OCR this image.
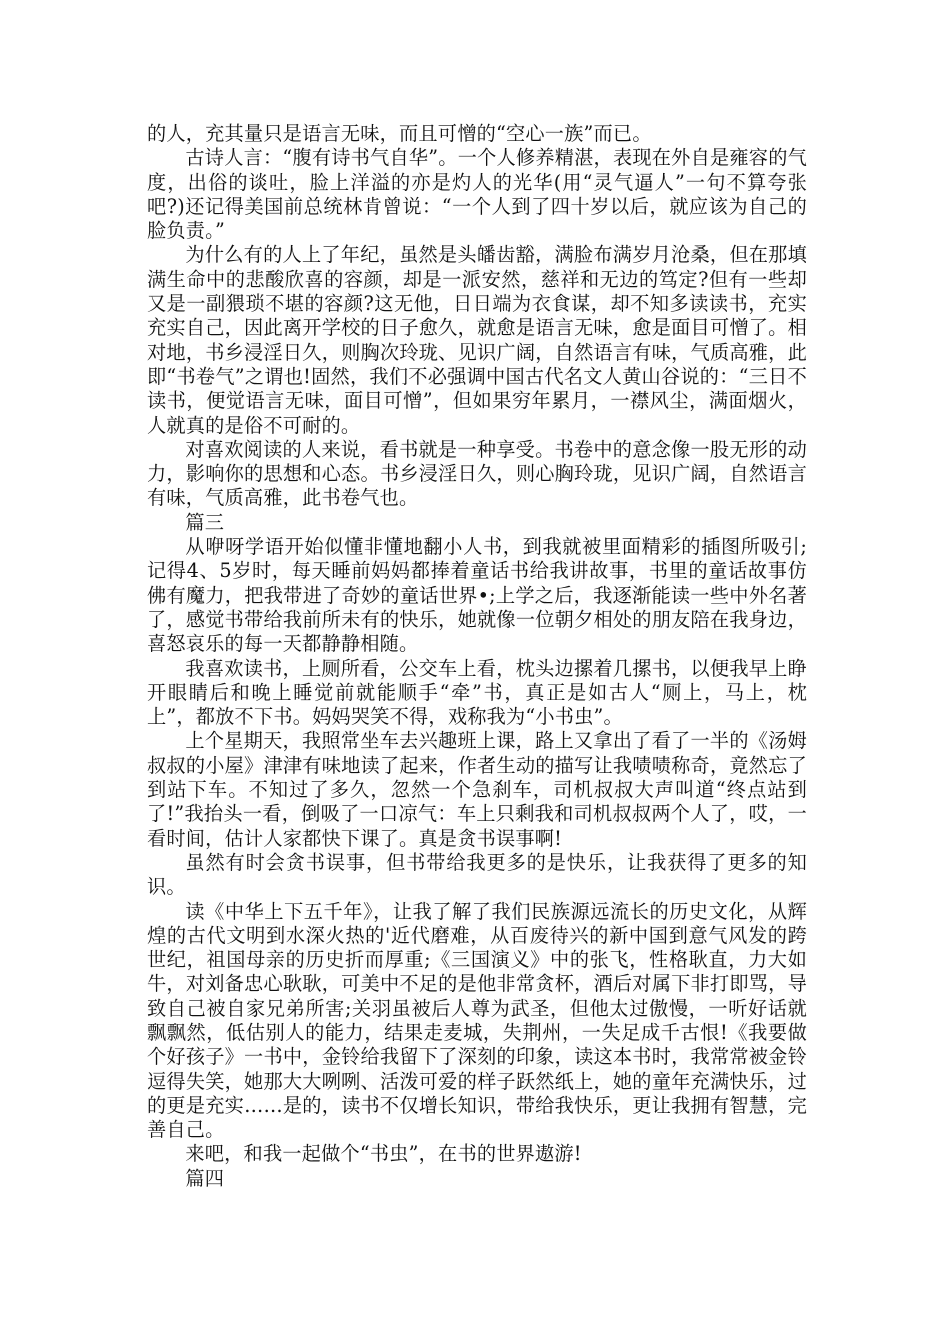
的人，充其量只是语言无味，而且可憎的“空心一族”而已。

古诗人言：“腹有诗书气自华”。一个人修养精湛，表现在外自是雍容的气度，出俗的谈吐，脸上洋溢的亦是灼人的光华(用“灵气逼人”一句不算夸张吧?)还记得美国前总统林肯曾说：“一个人到了四十岁以后，就应该为自己的脸负责。”

为什么有的人上了年纪，虽然是头皤齿豁，满脸布满岁月沧桑，但在那填满生命中的悲酸欣喜的容颜，却是一派安然，慈祥和无边的笃定?但有一些却又是一副猥琐不堪的容颜?这无他，日日端为衣食谋，却不知多读读书，充实充实自己，因此离开学校的日子愈久，就愈是语言无味，愈是面目可憎了。相对地，书乡浸淫日久，则胸次玲珑、见识广阔，自然语言有味，气质高雅，此即“书卷气”之谓也!固然，我们不必强调中国古代名文人黄山谷说的：“三日不读书，便觉语言无味，面目可憎”，但如果穷年累月，一襟风尘，满面烟火，人就真的是俗不可耐的。

对喜欢阅读的人来说，看书就是一种享受。书卷中的意念像一股无形的动力，影响你的思想和心态。书乡浸淫日久，则心胸玲珑，见识广阔，自然语言有味，气质高雅，此书卷气也。

篇三

从咿呀学语开始似懂非懂地翻小人书，到我就被里面精彩的插图所吸引;记得4、5岁时，每天睡前妈妈都捧着童话书给我讲故事，书里的童话故事仿佛有魔力，把我带进了奇妙的童话世界•;上学之后，我逐渐能读一些中外名著了，感觉书带给我前所未有的快乐，她就像一位朝夕相处的朋友陪在我身边，喜怒哀乐的每一天都静静相随。

我喜欢读书，上厕所看，公交车上看，枕头边摞着几摞书，以便我早上睁开眼睛后和晚上睡觉前就能顺手“牵”书，真正是如古人“厕上，马上，枕上”，都放不下书。妈妈哭笑不得，戏称我为“小书虫”。

上个星期天，我照常坐车去兴趣班上课，路上又拿出了看了一半的《汤姆叔叔的小屋》津津有味地读了起来，作者生动的描写让我啧啧称奇，竟然忘了到站下车。不知过了多久，忽然一个急刹车，司机叔叔大声叫道“终点站到了!”我抬头一看，倒吸了一口凉气：车上只剩我和司机叔叔两个人了，哎，一看时间，估计人家都快下课了。真是贪书误事啊!

虽然有时会贪书误事，但书带给我更多的是快乐，让我获得了更多的知识。

读《中华上下五千年》，让我了解了我们民族源远流长的历史文化，从辉煌的古代文明到水深火热的'近代磨难，从百废待兴的新中国到意气风发的跨世纪，祖国母亲的历史折而厚重;《三国演义》中的张飞，性格耿直，力大如牛，对刘备忠心耿耿，可美中不足的是他非常贪杯，酒后对属下非打即骂，导致自己被自家兄弟所害;关羽虽被后人尊为武圣，但他太过傲慢，一听好话就飘飘然，低估别人的能力，结果走麦城，失荆州，一失足成千古恨!《我要做个好孩子》一书中，金铃给我留下了深刻的印象，读这本书时，我常常被金铃逗得失笑，她那大大咧咧、活泼可爱的样子跃然纸上，她的童年充满快乐，过的更是充实……是的，读书不仅增长知识，带给我快乐，更让我拥有智慧，完善自己。

来吧，和我一起做个“书虫”，在书的世界遨游!

篇四
